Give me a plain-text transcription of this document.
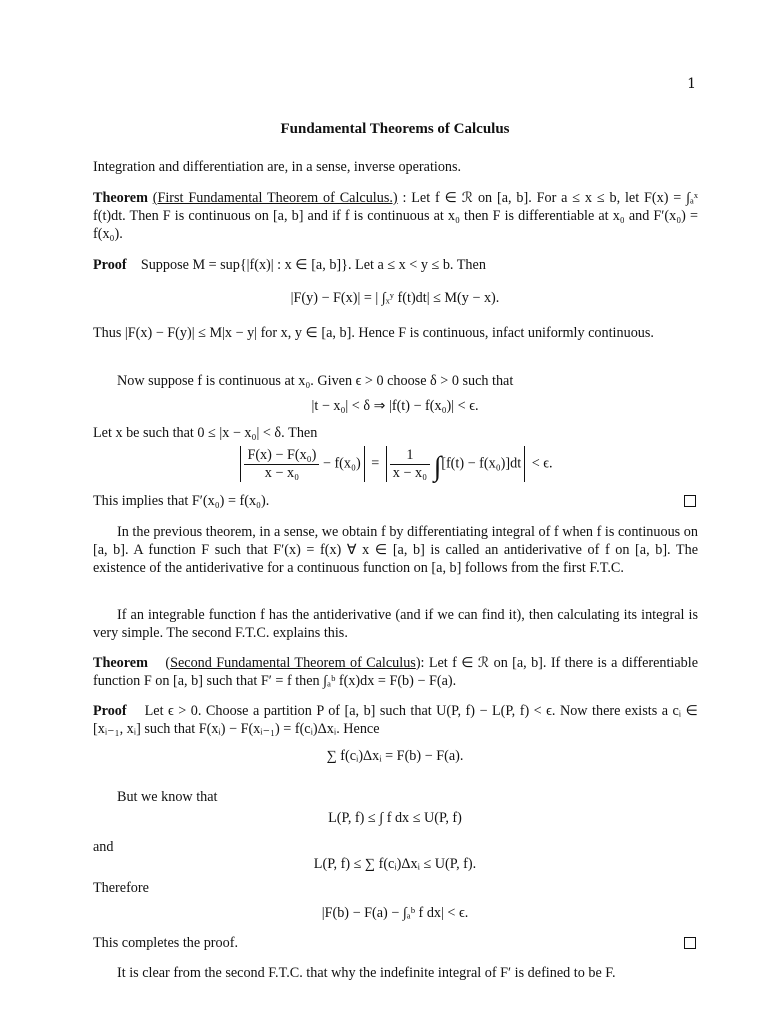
1
Fundamental Theorems of Calculus
Integration and differentiation are, in a sense, inverse operations.
Theorem (First Fundamental Theorem of Calculus.) : Let f ∈ ℛ on [a, b]. For a ≤ x ≤ b, let F(x) = ∫ₐˣ f(t)dt. Then F is continuous on [a, b] and if f is continuous at x₀ then F is differentiable at x₀ and F′(x₀) = f(x₀).
Proof Suppose M = sup{|f(x)| : x ∈ [a, b]}. Let a ≤ x < y ≤ b. Then
|F(y) − F(x)| = | ∫ₓʸ f(t)dt| ≤ M(y − x).
Thus |F(x) − F(y)| ≤ M|x − y| for x, y ∈ [a, b]. Hence F is continuous, infact uniformly continuous.
Now suppose f is continuous at x₀. Given ϵ > 0 choose δ > 0 such that
|t − x₀| < δ ⇒ |f(t) − f(x₀)| < ϵ.
Let x be such that 0 ≤ |x − x₀| < δ. Then
$\frac{\text{F(x) − F(x₀)}}{\text{x − x₀}} - f(x_0) = \frac{1}{\text{x − x₀}} \int[f(t) - f(x_0)]dt < \epsilon$.
This implies that F′(x₀) = f(x₀).
In the previous theorem, in a sense, we obtain f by differentiating integral of f when f is continuous on [a, b]. A function F such that F′(x) = f(x) ∀ x ∈ [a, b] is called an antiderivative of f on [a, b]. The existence of the antiderivative for a continuous function on [a, b] follows from the first F.T.C.
If an integrable function f has the antiderivative (and if we can find it), then calculating its integral is very simple. The second F.T.C. explains this.
Theorem    (Second Fundamental Theorem of Calculus): Let f ∈ ℛ on [a, b]. If there is a differentiable function F on [a, b] such that F′ = f then ∫ₐᵇ f(x)dx = F(b) − F(a).
Proof Let ϵ > 0. Choose a partition P of [a, b] such that U(P, f) − L(P, f) < ϵ. Now there exists a cᵢ ∈ [xᵢ₋₁, xᵢ] such that F(xᵢ) − F(xᵢ₋₁) = f(cᵢ)Δxᵢ. Hence
∑ f(cᵢ)Δxᵢ = F(b) − F(a).
But we know that
L(P, f) ≤ ∫ f dx ≤ U(P, f)
and
L(P, f) ≤ ∑ f(cᵢ)Δxᵢ ≤ U(P, f).
Therefore
|F(b) − F(a) − ∫ₐᵇ f dx| < ϵ.
This completes the proof.
It is clear from the second F.T.C. that why the indefinite integral of F′ is defined to be F.
